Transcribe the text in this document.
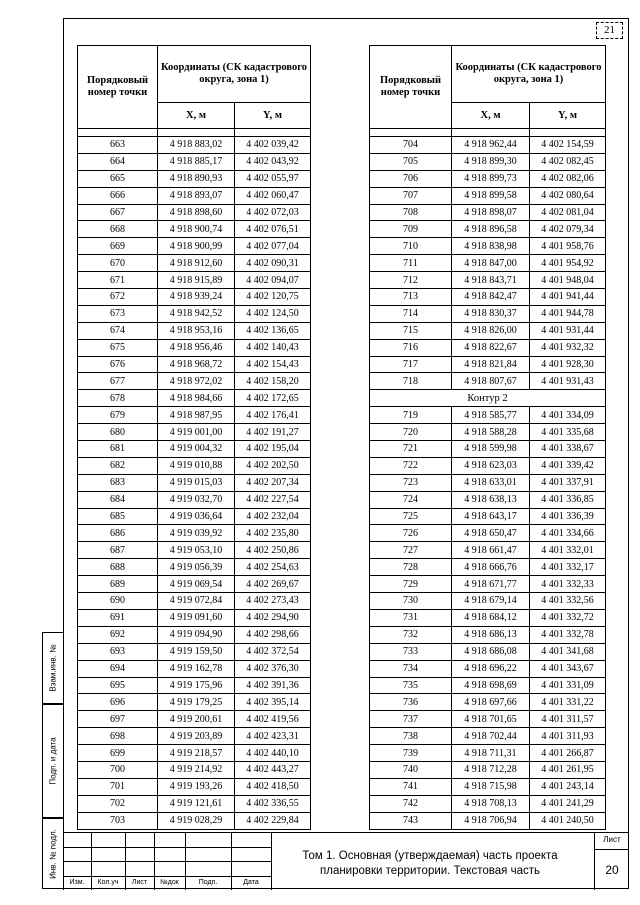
21
Порядковый номер точки	Координаты (СК кадастрового округа, зона 1)	
	X, м	Y, м

663	4 918 883,02	4 402 039,42
664	4 918 885,17	4 402 043,92
665	4 918 890,93	4 402 055,97
666	4 918 893,07	4 402 060,47
667	4 918 898,60	4 402 072,03
668	4 918 900,74	4 402 076,51
669	4 918 900,99	4 402 077,04
670	4 918 912,60	4 402 090,31
671	4 918 915,89	4 402 094,07
672	4 918 939,24	4 402 120,75
673	4 918 942,52	4 402 124,50
674	4 918 953,16	4 402 136,65
675	4 918 956,46	4 402 140,43
676	4 918 968,72	4 402 154,43
677	4 918 972,02	4 402 158,20
678	4 918 984,66	4 402 172,65
679	4 918 987,95	4 402 176,41
680	4 919 001,00	4 402 191,27
681	4 919 004,32	4 402 195,04
682	4 919 010,88	4 402 202,50
683	4 919 015,03	4 402 207,34
684	4 919 032,70	4 402 227,54
685	4 919 036,64	4 402 232,04
686	4 919 039,92	4 402 235,80
687	4 919 053,10	4 402 250,86
688	4 919 056,39	4 402 254,63
689	4 919 069,54	4 402 269,67
690	4 919 072,84	4 402 273,43
691	4 919 091,60	4 402 294,90
692	4 919 094,90	4 402 298,66
693	4 919 159,50	4 402 372,54
694	4 919 162,78	4 402 376,30
695	4 919 175,96	4 402 391,36
696	4 919 179,25	4 402 395,14
697	4 919 200,61	4 402 419,56
698	4 919 203,89	4 402 423,31
699	4 919 218,57	4 402 440,10
700	4 919 214,92	4 402 443,27
701	4 919 193,26	4 402 418,50
702	4 919 121,61	4 402 336,55
703	4 919 028,29	4 402 229,84
Порядковый номер точки	Координаты (СК кадастрового округа, зона 1)	
	X, м	Y, м

704	4 918 962,44	4 402 154,59
705	4 918 899,30	4 402 082,45
706	4 918 899,73	4 402 082,06
707	4 918 899,58	4 402 080,64
708	4 918 898,07	4 402 081,04
709	4 918 896,58	4 402 079,34
710	4 918 838,98	4 401 958,76
711	4 918 847,00	4 401 954,92
712	4 918 843,71	4 401 948,04
713	4 918 842,47	4 401 941,44
714	4 918 830,37	4 401 944,78
715	4 918 826,00	4 401 931,44
716	4 918 822,67	4 401 932,32
717	4 918 821,84	4 401 928,30
718	4 918 807,67	4 401 931,43
Контур 2		
719	4 918 585,77	4 401 334,09
720	4 918 588,28	4 401 335,68
721	4 918 599,98	4 401 338,67
722	4 918 623,03	4 401 339,42
723	4 918 633,01	4 401 337,91
724	4 918 638,13	4 401 336,85
725	4 918 643,17	4 401 336,39
726	4 918 650,47	4 401 334,66
727	4 918 661,47	4 401 332,01
728	4 918 666,76	4 401 332,17
729	4 918 671,77	4 401 332,33
730	4 918 679,14	4 401 332,56
731	4 918 684,12	4 401 332,72
732	4 918 686,13	4 401 332,78
733	4 918 686,08	4 401 341,68
734	4 918 696,22	4 401 343,67
735	4 918 698,69	4 401 331,09
736	4 918 697,66	4 401 331,22
737	4 918 701,65	4 401 311,57
738	4 918 702,44	4 401 311,93
739	4 918 711,31	4 401 266,87
740	4 918 712,28	4 401 261,95
741	4 918 715,98	4 401 243,14
742	4 918 708,13	4 401 241,29
743	4 918 706,94	4 401 240,50
Взам.инв. №
Подп. и дата
Инв. № подл.
Изм.	Кол.уч	Лист	№док	Подп.	Дата
Том 1. Основная (утверждаемая) часть проекта
планировки территории. Текстовая часть
Лист
20
